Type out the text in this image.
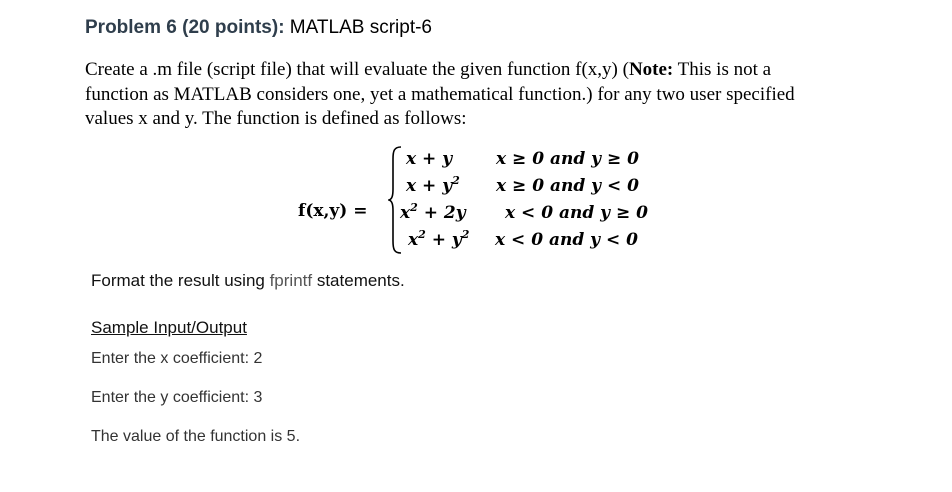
Problem 6 (20 points): MATLAB script-6
Create a .m file (script file) that will evaluate the given function f(x,y) (Note: This is not a
function as MATLAB considers one, yet a mathematical function.) for any two user specified
values x and y. The function is defined as follows:
f(x,y) =
x + y
$x + y^2$
$x^2 + 2y$
$x^2 + y^2$
x ≥ 0 and y ≥ 0
x ≥ 0 and y < 0
x < 0 and y ≥ 0
x < 0 and y < 0
Format the result using fprintf statements.
Sample Input/Output
Enter the x coefficient: 2
Enter the y coefficient: 3
The value of the function is 5.
